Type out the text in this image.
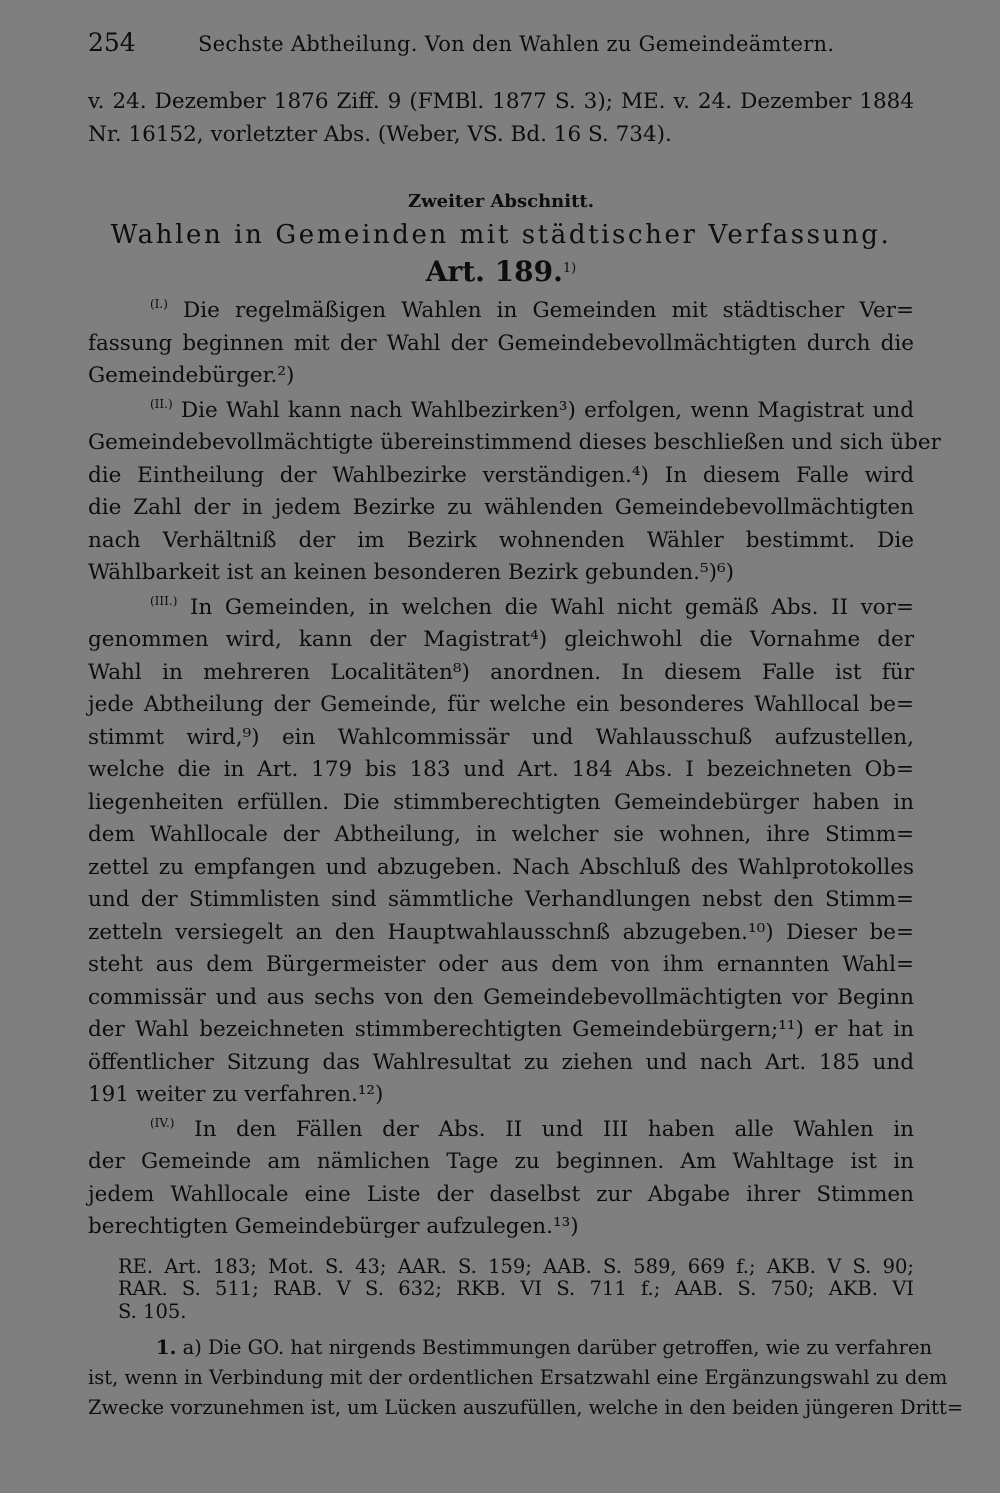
254	Sechste Abtheilung. Von den Wahlen zu Gemeindeämtern.
v. 24. Dezember 1876 Ziff. 9 (FMBl. 1877 S. 3); ME. v. 24. Dezember 1884
Nr. 16152, vorletzter Abs. (Weber, VS. Bd. 16 S. 734).
Zweiter Abschnitt.
Wahlen in Gemeinden mit städtischer Verfassung.
Art. 189.$^{1)}$
$^{(I.)}$ Die regelmäßigen Wahlen in Gemeinden mit städtischer Ver=
fassung beginnen mit der Wahl der Gemeindebevollmächtigten durch die
Gemeindebürger.²)
$^{(II.)}$ Die Wahl kann nach Wahlbezirken³) erfolgen, wenn Magistrat und
Gemeindebevollmächtigte übereinstimmend dieses beschließen und sich über
die Eintheilung der Wahlbezirke verständigen.⁴) In diesem Falle wird
die Zahl der in jedem Bezirke zu wählenden Gemeindebevollmächtigten
nach Verhältniß der im Bezirk wohnenden Wähler bestimmt. Die
Wählbarkeit ist an keinen besonderen Bezirk gebunden.⁵)⁶)
$^{(III.)}$ In Gemeinden, in welchen die Wahl nicht gemäß Abs. II vor=
genommen wird, kann der Magistrat⁴) gleichwohl die Vornahme der
Wahl in mehreren Localitäten⁸) anordnen. In diesem Falle ist für
jede Abtheilung der Gemeinde, für welche ein besonderes Wahllocal be=
stimmt wird,⁹) ein Wahlcommissär und Wahlausschuß aufzustellen,
welche die in Art. 179 bis 183 und Art. 184 Abs. I bezeichneten Ob=
liegenheiten erfüllen. Die stimmberechtigten Gemeindebürger haben in
dem Wahllocale der Abtheilung, in welcher sie wohnen, ihre Stimm=
zettel zu empfangen und abzugeben. Nach Abschluß des Wahlprotokolles
und der Stimmlisten sind sämmtliche Verhandlungen nebst den Stimm=
zetteln versiegelt an den Hauptwahlausschnß abzugeben.¹⁰) Dieser be=
steht aus dem Bürgermeister oder aus dem von ihm ernannten Wahl=
commissär und aus sechs von den Gemeindebevollmächtigten vor Beginn
der Wahl bezeichneten stimmberechtigten Gemeindebürgern;¹¹) er hat in
öffentlicher Sitzung das Wahlresultat zu ziehen und nach Art. 185 und
191 weiter zu verfahren.¹²)
$^{(IV.)}$ In den Fällen der Abs. II und III haben alle Wahlen in
der Gemeinde am nämlichen Tage zu beginnen. Am Wahltage ist in
jedem Wahllocale eine Liste der daselbst zur Abgabe ihrer Stimmen
berechtigten Gemeindebürger aufzulegen.¹³)
RE. Art. 183; Mot. S. 43; AAR. S. 159; AAB. S. 589, 669 f.; AKB. V S. 90;
RAR. S. 511; RAB. V S. 632; RKB. VI S. 711 f.; AAB. S. 750; AKB. VI
S. 105.
1. a) Die GO. hat nirgends Bestimmungen darüber getroffen, wie zu verfahren
ist, wenn in Verbindung mit der ordentlichen Ersatzwahl eine Ergänzungswahl zu dem
Zwecke vorzunehmen ist, um Lücken auszufüllen, welche in den beiden jüngeren Dritt=
